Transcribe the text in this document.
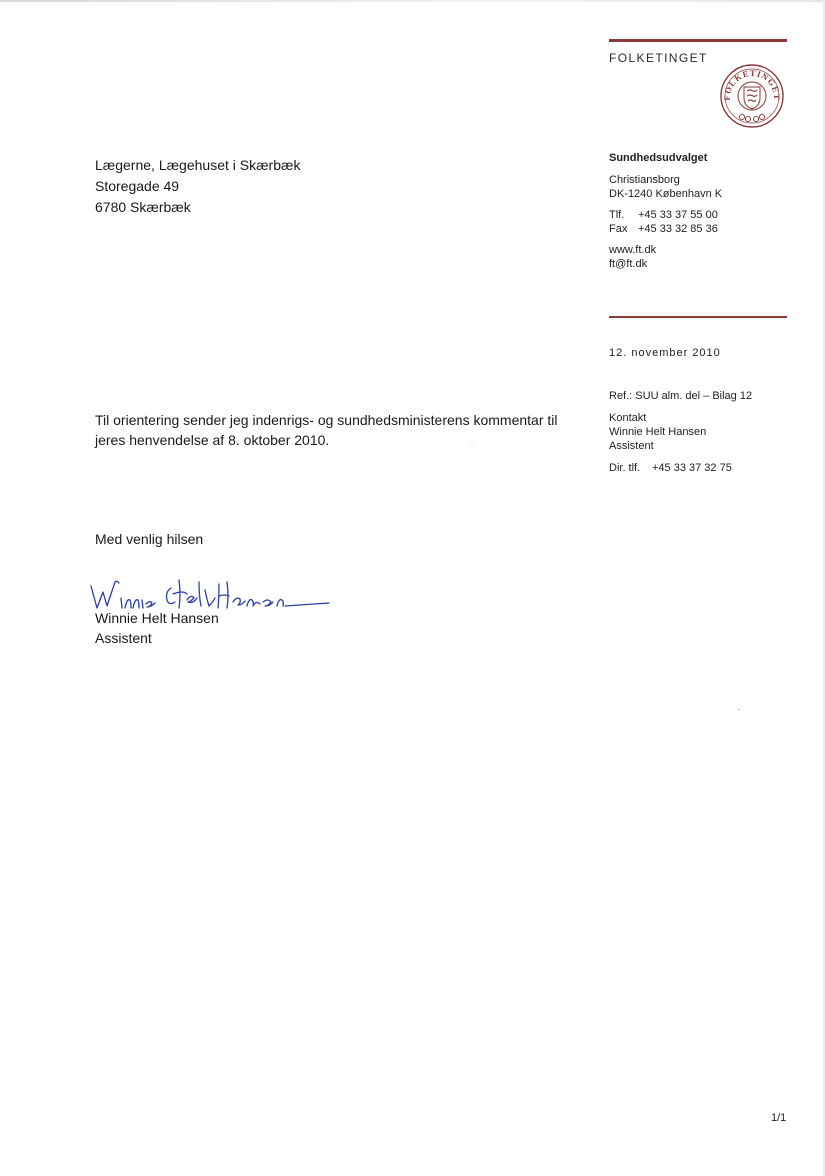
FOLKETINGET
FOLKETINGET
Sundhedsudvalget
Christiansborg
DK-1240 København K
Tlf. +45 33 37 55 00
Fax +45 33 32 85 36
www.ft.dk
ft@ft.dk
12. november 2010
Ref.: SUU alm. del – Bilag 12
Kontakt
Winnie Helt Hansen
Assistent
Dir. tlf. +45 33 37 32 75
Lægerne, Lægehuset i Skærbæk
Storegade 49
6780 Skærbæk
Til orientering sender jeg indenrigs- og sundhedsministerens kommentar til jeres henvendelse af 8. oktober 2010.
Med venlig hilsen
Winnie Helt Hansen
Assistent
1/1
